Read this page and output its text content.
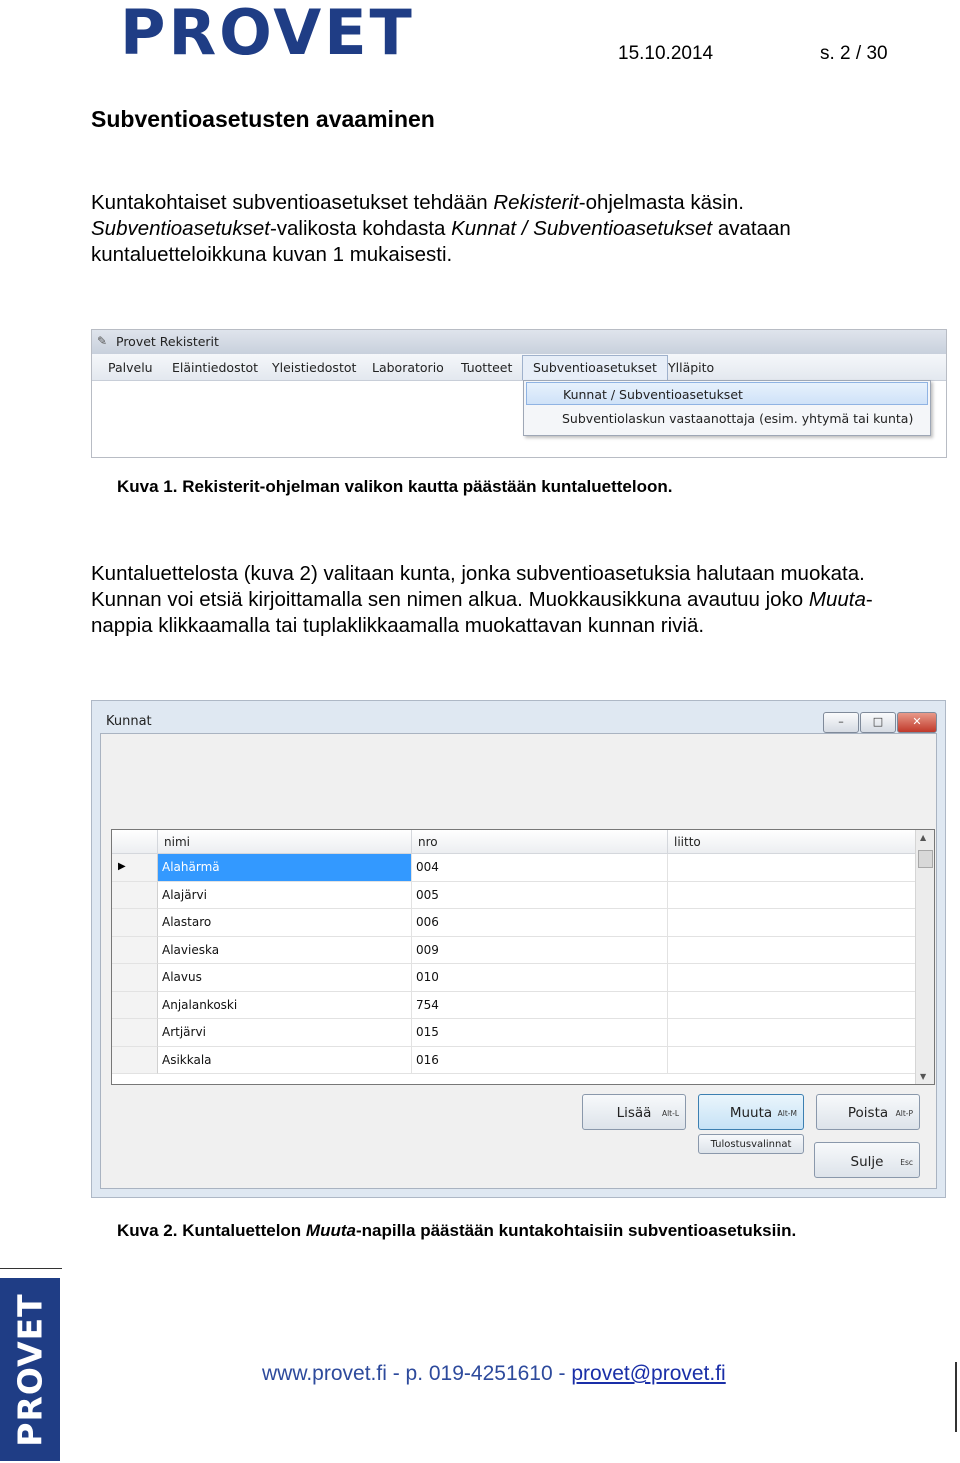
PROVET	15.10.2014	s. 2 / 30
Subventioasetusten avaaminen
Kuntakohtaiset subventioasetukset tehdään Rekisterit-ohjelmasta käsin.
Subventioasetukset-valikosta kohdasta Kunnat / Subventioasetukset avataan
kuntaluetteloikkuna kuvan 1 mukaisesti.
✎ Provet Rekisterit
Palvelu Eläintiedostot Yleistiedostot Laboratorio Tuotteet	Subventioasetukset Ylläpito
Kunnat / Subventioasetukset
Subventiolaskun vastaanottaja (esim. yhtymä tai kunta)
Kuva 1. Rekisterit-ohjelman valikon kautta päästään kuntaluetteloon.
Kuntaluettelosta (kuva 2) valitaan kunta, jonka subventioasetuksia halutaan muokata.
Kunnan voi etsiä kirjoittamalla sen nimen alkua. Muokkausikkuna avautuu joko Muuta-
nappia klikkaamalla tai tuplaklikkaamalla muokattavan kunnan riviä.
Kunnat	–	□	✕
nimi	nro	liitto
▶	Alahärmä	004
Alajärvi	005
Alastaro	006
Alavieska	009
Alavus	010
Anjalankoski	754
Artjärvi	015
Asikkala	016
▲
▼
Lisää Alt-L	Muuta Alt-M	Poista Alt-P
Tulostusvalinnat
Sulje Esc
Kuva 2. Kuntaluettelon Muuta-napilla päästään kuntakohtaisiin subventioasetuksiin.
PROVET	www.provet.fi - p. 019-4251610 - provet@provet.fi
